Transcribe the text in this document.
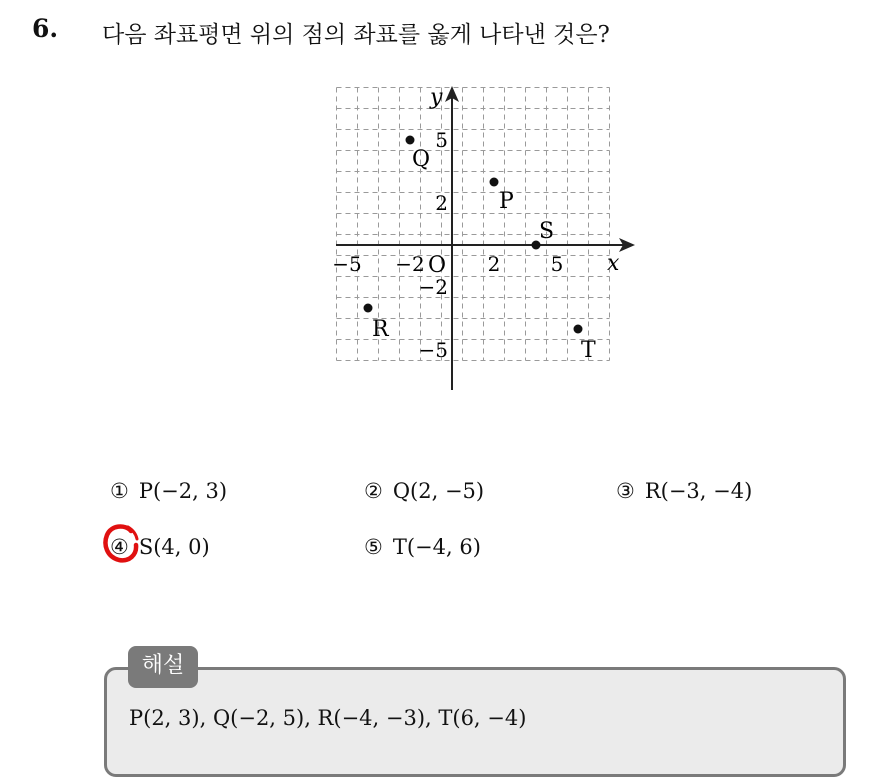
6. 다음 좌표평면 위의 점의 좌표를 옳게 나타낸 것은?
x
y
O
−5 −2	2	5
5
2
−2
−5
P
Q
R
S
T
① P(−2, 3)	② Q(2, −5)	③ R(−3, −4)
④ S(4, 0)	⑤ T(−4, 6)
해설
P(2, 3), Q(−2, 5), R(−4, −3), T(6, −4)
